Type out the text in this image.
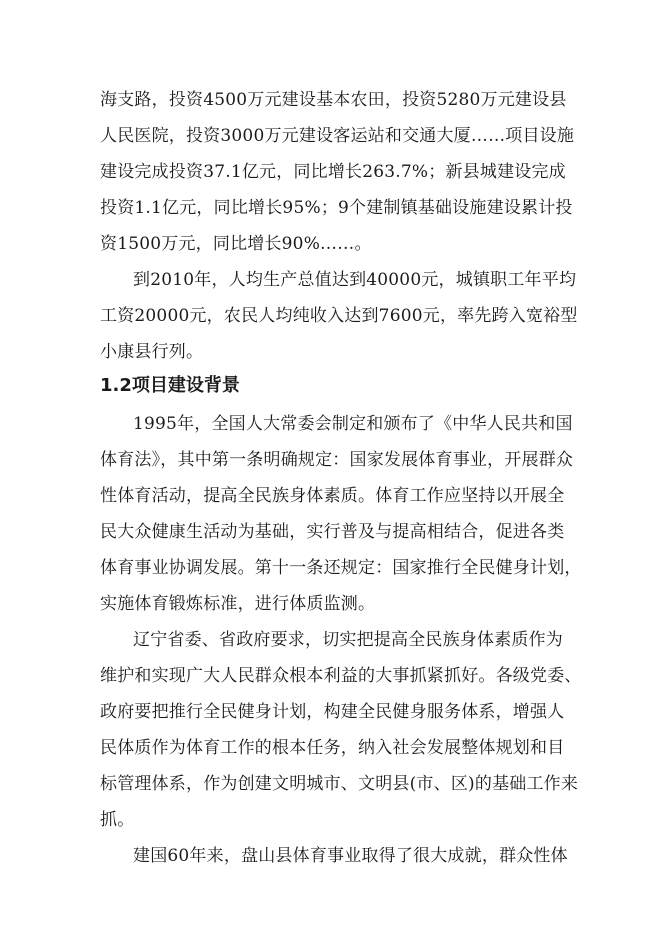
海支路，投资4500万元建设基本农田，投资5280万元建设县
人民医院，投资3000万元建设客运站和交通大厦……项目设施
建设完成投资37.1亿元，同比增长263.7%；新县城建设完成
投资1.1亿元，同比增长95%；9个建制镇基础设施建设累计投
资1500万元，同比增长90%……。
到2010年，人均生产总值达到40000元，城镇职工年平均
工资20000元，农民人均纯收入达到7600元，率先跨入宽裕型
小康县行列。
1.2项目建设背景
1995年，全国人大常委会制定和颁布了《中华人民共和国
体育法》，其中第一条明确规定：国家发展体育事业，开展群众
性体育活动，提高全民族身体素质。体育工作应坚持以开展全
民大众健康生活动为基础，实行普及与提高相结合，促进各类
体育事业协调发展。第十一条还规定：国家推行全民健身计划，
实施体育锻炼标准，进行体质监测。
辽宁省委、省政府要求，切实把提高全民族身体素质作为
维护和实现广大人民群众根本利益的大事抓紧抓好。各级党委、
政府要把推行全民健身计划，构建全民健身服务体系，增强人
民体质作为体育工作的根本任务，纳入社会发展整体规划和目
标管理体系，作为创建文明城市、文明县(市、区)的基础工作来
抓。
建国60年来，盘山县体育事业取得了很大成就，群众性体
